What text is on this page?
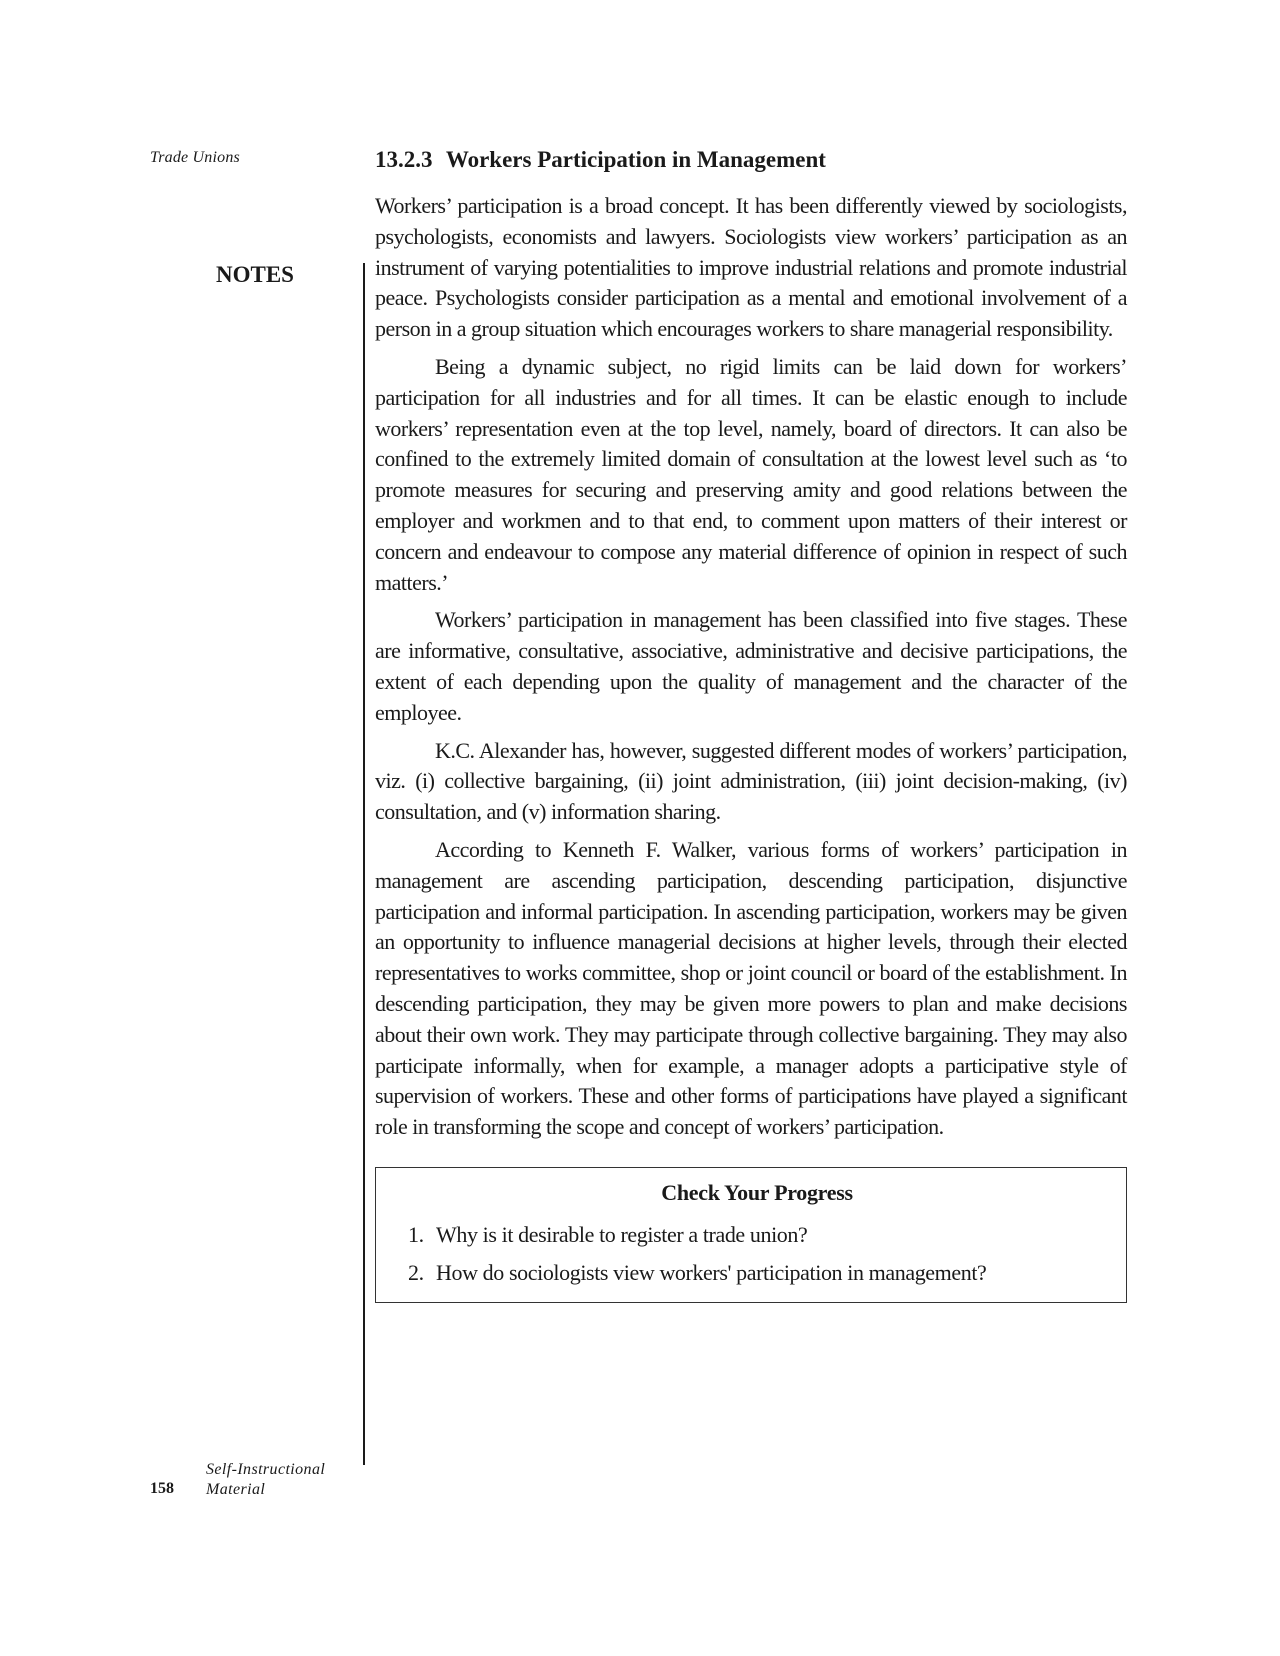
Trade Unions
NOTES
158
Self-Instructional
Material
13.2.3 Workers Participation in Management

Workers’ participation is a broad concept. It has been differently viewed by sociologists, psychologists, economists and lawyers. Sociologists view workers’ participation as an instrument of varying potentialities to improve industrial relations and promote industrial peace. Psychologists consider participation as a mental and emotional involvement of a person in a group situation which encourages workers to share managerial responsibility.

Being a dynamic subject, no rigid limits can be laid down for workers’ participation for all industries and for all times. It can be elastic enough to include workers’ representation even at the top level, namely, board of directors. It can also be confined to the extremely limited domain of consultation at the lowest level such as ‘to promote measures for securing and preserving amity and good relations between the employer and workmen and to that end, to comment upon matters of their interest or concern and endeavour to compose any material difference of opinion in respect of such matters.’

Workers’ participation in management has been classified into five stages. These are informative, consultative, associative, administrative and decisive participations, the extent of each depending upon the quality of management and the character of the employee.

K.C. Alexander has, however, suggested different modes of workers’ participation, viz. (i) collective bargaining, (ii) joint administration, (iii) joint decision-making, (iv) consultation, and (v) information sharing.

According to Kenneth F. Walker, various forms of workers’ participation in management are ascending participation, descending participation, disjunctive participation and informal participation. In ascending participation, workers may be given an opportunity to influence managerial decisions at higher levels, through their elected representatives to works committee, shop or joint council or board of the establishment. In descending participation, they may be given more powers to plan and make decisions about their own work. They may participate through collective bargaining. They may also participate informally, when for example, a manager adopts a participative style of supervision of workers. These and other forms of participations have played a significant role in transforming the scope and concept of workers’ participation.

Check Your Progress
1. Why is it desirable to register a trade union?
2. How do sociologists view workers' participation in management?
